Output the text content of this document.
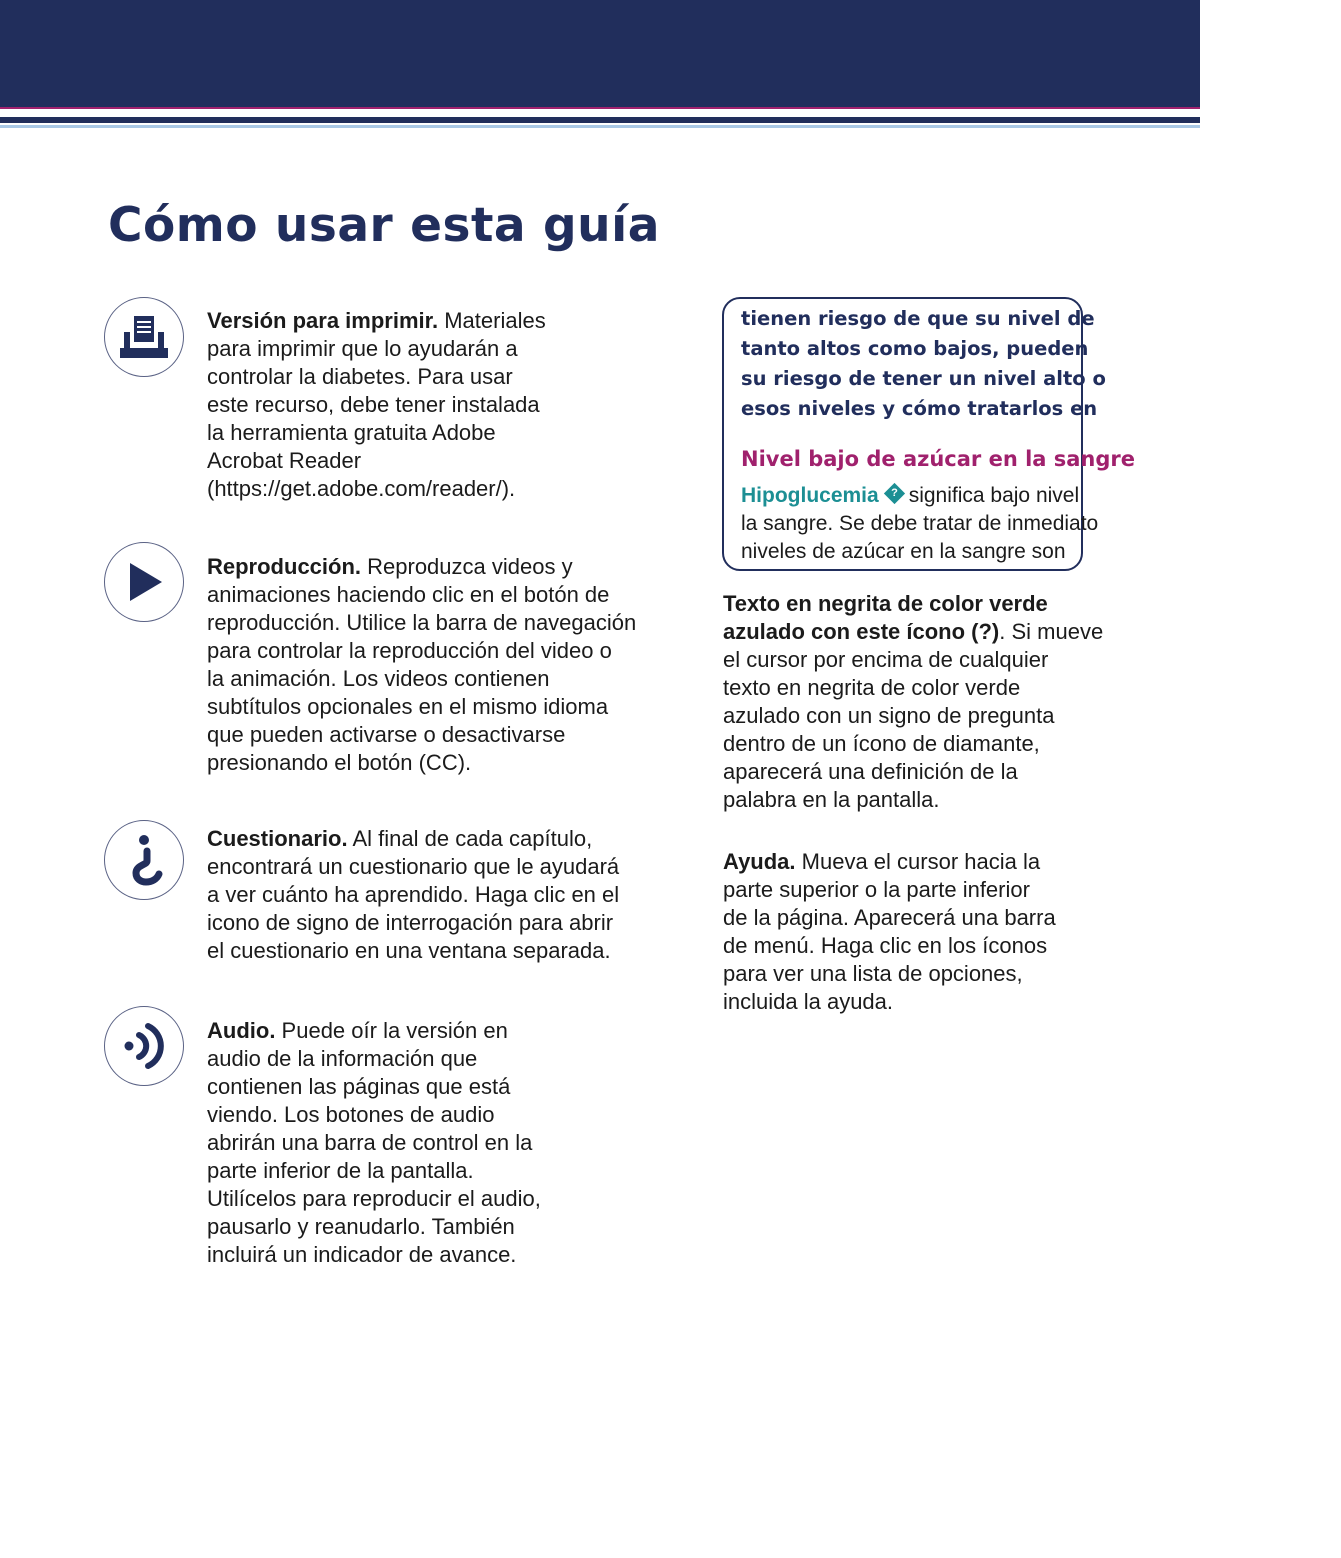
Cómo usar esta guía

Versión para imprimir. Materiales
para imprimir que lo ayudarán a
controlar la diabetes. Para usar
este recurso, debe tener instalada
la herramienta gratuita Adobe
Acrobat Reader
(https://get.adobe.com/reader/).

Reproducción. Reproduzca videos y
animaciones haciendo clic en el botón de
reproducción. Utilice la barra de navegación
para controlar la reproducción del video o
la animación. Los videos contienen
subtítulos opcionales en el mismo idioma
que pueden activarse o desactivarse
presionando el botón (CC).

Cuestionario. Al final de cada capítulo,
encontrará un cuestionario que le ayudará
a ver cuánto ha aprendido. Haga clic en el
icono de signo de interrogación para abrir
el cuestionario en una ventana separada.

Audio. Puede oír la versión en
audio de la información que
contienen las páginas que está
viendo. Los botones de audio
abrirán una barra de control en la
parte inferior de la pantalla.
Utilícelos para reproducir el audio,
pausarlo y reanudarlo. También
incluirá un indicador de avance.

tienen riesgo de que su nivel de
tanto altos como bajos, pueden
su riesgo de tener un nivel alto o
esos niveles y cómo tratarlos en

Nivel bajo de azúcar en la sangre

Hipoglucemia	? significa bajo nivel
la sangre. Se debe tratar de inmediato
niveles de azúcar en la sangre son

Texto en negrita de color verde
azulado con este ícono (?). Si mueve
el cursor por encima de cualquier
texto en negrita de color verde
azulado con un signo de pregunta
dentro de un ícono de diamante,
aparecerá una definición de la
palabra en la pantalla.

Ayuda. Mueva el cursor hacia la
parte superior o la parte inferior
de la página. Aparecerá una barra
de menú. Haga clic en los íconos
para ver una lista de opciones,
incluida la ayuda.
